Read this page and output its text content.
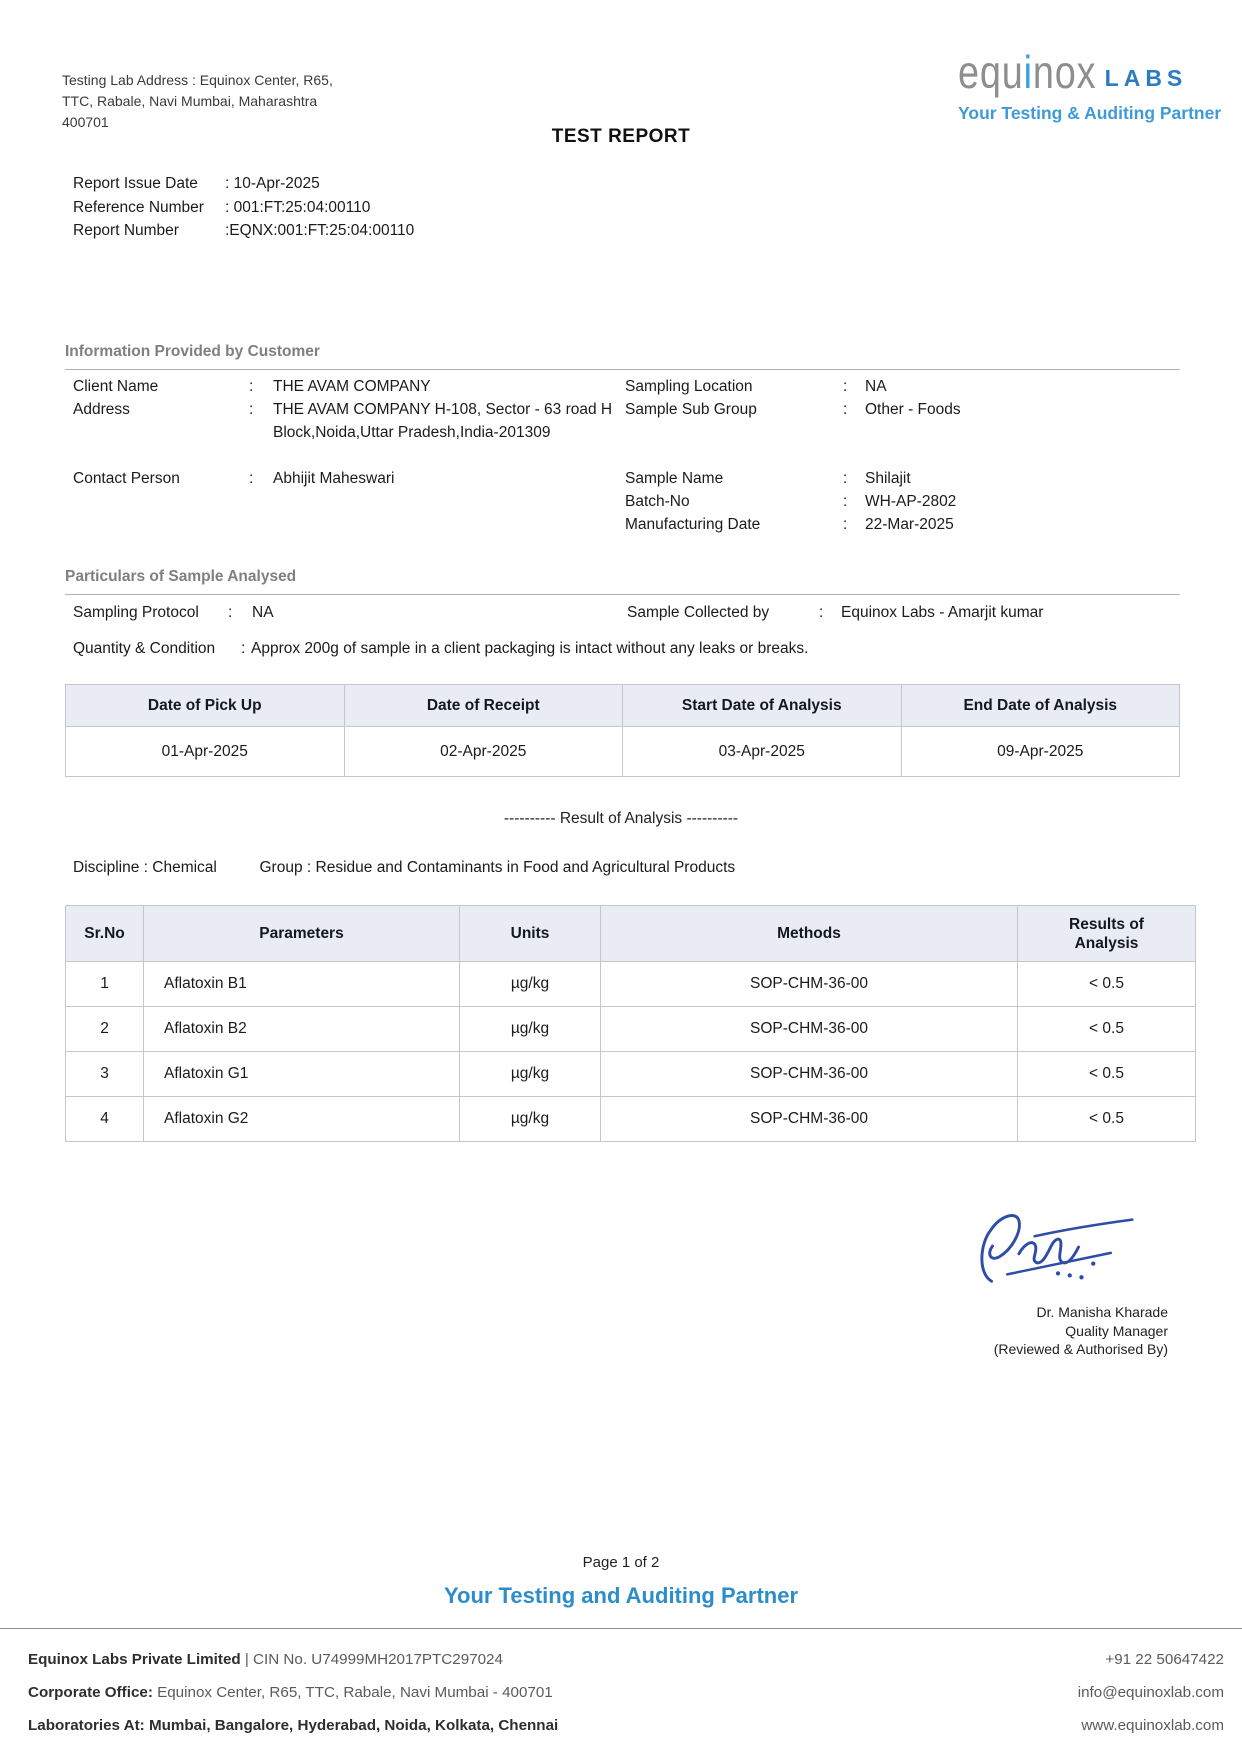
Testing Lab Address : Equinox Center, R65,
TTC, Rabale, Navi Mumbai, Maharashtra
400701
equinox LABS
Your Testing & Auditing Partner
TEST REPORT
Report Issue Date : 10-Apr-2025
Reference Number : 001:FT:25:04:00110
Report Number	:EQNX:001:FT:25:04:00110
Information Provided by Customer
Client Name	:	THE AVAM COMPANY
Address	:	THE AVAM COMPANY H-108, Sector - 63 road H Block,Noida,Uttar Pradesh,India-201309
Contact Person	:	Abhijit Maheswari
Sampling Location	:	NA
Sample Sub Group	:	Other - Foods
Sample Name	:	Shilajit
Batch-No	:	WH-AP-2802
Manufacturing Date	:	22-Mar-2025
Particulars of Sample Analysed
Sampling Protocol	:	NA	Sample Collected by	:	Equinox Labs - Amarjit kumar
Quantity & Condition	: Approx 200g of sample in a client packaging is intact without any leaks or breaks.
Date of Pick Up	Date of Receipt	Start Date of Analysis	End Date of Analysis
01-Apr-2025	02-Apr-2025	03-Apr-2025	09-Apr-2025
---------- Result of Analysis ----------
Discipline : Chemical	Group : Residue and Contaminants in Food and Agricultural Products
Sr.No	Parameters	Units	Methods	Results of Analysis
1	Aflatoxin B1	µg/kg	SOP-CHM-36-00	< 0.5
2	Aflatoxin B2	µg/kg	SOP-CHM-36-00	< 0.5
3	Aflatoxin G1	µg/kg	SOP-CHM-36-00	< 0.5
4	Aflatoxin G2	µg/kg	SOP-CHM-36-00	< 0.5
Dr. Manisha Kharade
Quality Manager
(Reviewed & Authorised By)
Page 1 of 2
Your Testing and Auditing Partner
Equinox Labs Private Limited | CIN No. U74999MH2017PTC297024	+91 22 50647422
Corporate Office: Equinox Center, R65, TTC, Rabale, Navi Mumbai - 400701	info@equinoxlab.com
Laboratories At: Mumbai, Bangalore, Hyderabad, Noida, Kolkata, Chennai	www.equinoxlab.com
